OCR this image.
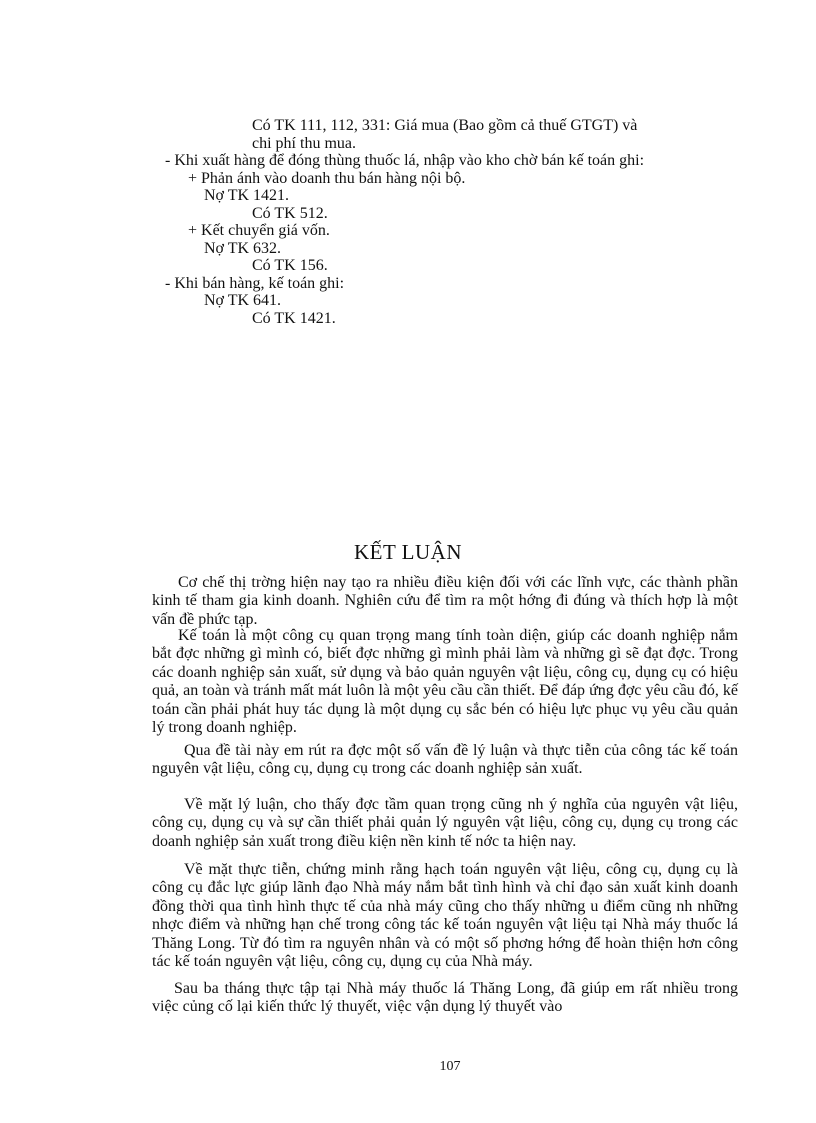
Có TK 111, 112, 331: Giá mua (Bao gồm cả thuế GTGT) và
chi phí thu mua.
- Khi xuất hàng để đóng thùng thuốc lá, nhập vào kho chờ bán kế toán ghi:
+ Phản ánh vào doanh thu bán hàng nội bộ.
Nợ TK 1421.
Có TK 512.
+ Kết chuyển giá vốn.
Nợ TK 632.
Có TK 156.
- Khi bán hàng, kế toán ghi:
Nợ TK 641.
Có TK 1421.
KẾT LUẬN

Cơ chế thị trờng hiện nay tạo ra nhiều điều kiện đối với các lĩnh vực, các thành phần kinh tế tham gia kinh doanh. Nghiên cứu để tìm ra một hớng đi đúng và thích hợp là một vấn đề phức tạp.

Kế toán là một công cụ quan trọng mang tính toàn diện, giúp các doanh nghiệp nắm bắt đợc những gì mình có, biết đợc những gì mình phải làm và những gì sẽ đạt đợc. Trong các doanh nghiệp sản xuất, sử dụng và bảo quản nguyên vật liệu, công cụ, dụng cụ có hiệu quả, an toàn và tránh mất mát luôn là một yêu cầu cần thiết. Để đáp ứng đợc yêu cầu đó, kế toán cần phải phát huy tác dụng là một dụng cụ sắc bén có hiệu lực phục vụ yêu cầu quản lý trong doanh nghiệp.

Qua đề tài này em rút ra đợc một số vấn đề lý luận và thực tiễn của công tác kế toán nguyên vật liệu, công cụ, dụng cụ trong các doanh nghiệp sản xuất.

Về mặt lý luận, cho thấy đợc tầm quan trọng cũng nh ý nghĩa của nguyên vật liệu, công cụ, dụng cụ và sự cần thiết phải quản lý nguyên vật liệu, công cụ, dụng cụ trong các doanh nghiệp sản xuất trong điều kiện nền kinh tế nớc ta hiện nay.

Về mặt thực tiễn, chứng minh rằng hạch toán nguyên vật liệu, công cụ, dụng cụ là công cụ đắc lực giúp lãnh đạo Nhà máy nắm bắt tình hình và chỉ đạo sản xuất kinh doanh đồng thời qua tình hình thực tế của nhà máy cũng cho thấy những u điểm cũng nh những nhợc điểm và những hạn chế trong công tác kế toán nguyên vật liệu tại Nhà máy thuốc lá Thăng Long. Từ đó tìm ra nguyên nhân và có một số phơng hớng để hoàn thiện hơn công tác kế toán nguyên vật liệu, công cụ, dụng cụ của Nhà máy.

Sau ba tháng thực tập tại Nhà máy thuốc lá Thăng Long, đã giúp em rất nhiều trong việc củng cố lại kiến thức lý thuyết, việc vận dụng lý thuyết vào

107
